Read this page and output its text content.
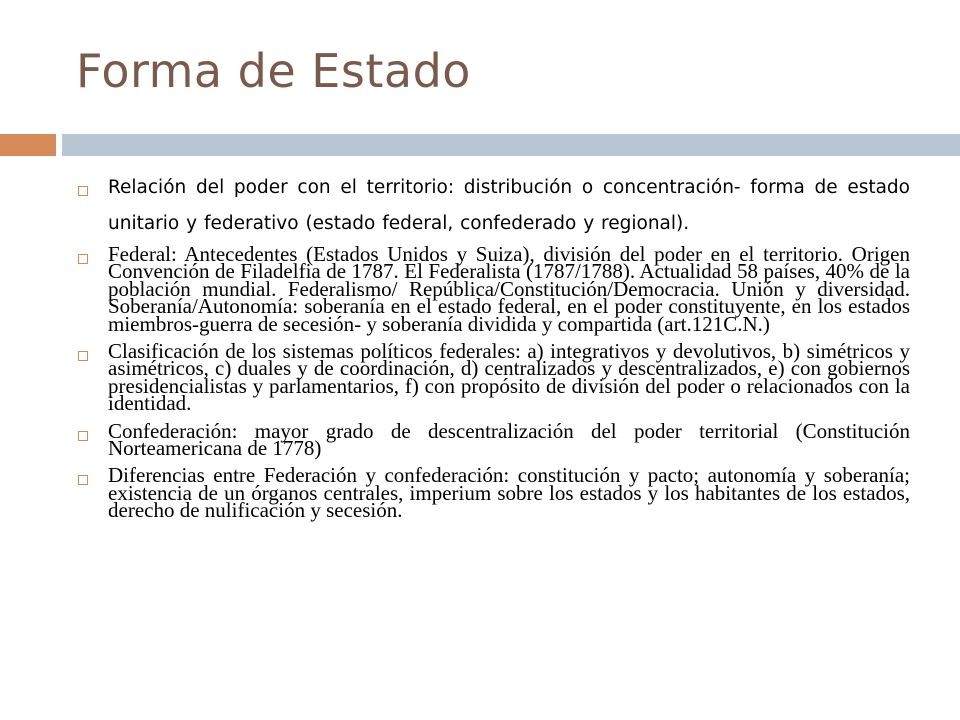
Forma de Estado
Relación del poder con el territorio: distribución o concentración- forma de estado unitario y federativo (estado federal, confederado y regional).
Federal: Antecedentes (Estados Unidos y Suiza), división del poder en el territorio. Origen Convención de Filadelfia de 1787. El Federalista (1787/1788). Actualidad 58 países, 40% de la población mundial. Federalismo/ República/Constitución/Democracia. Unión y diversidad. Soberanía/Autonomía: soberanía en el estado federal, en el poder constituyente, en los estados miembros-guerra de secesión- y soberanía dividida y compartida (art.121C.N.)
Clasificación de los sistemas políticos federales: a) integrativos y devolutivos, b) simétricos y asimétricos, c) duales y de coordinación, d) centralizados y descentralizados, e) con gobiernos presidencialistas y parlamentarios, f) con propósito de división del poder o relacionados con la identidad.
Confederación: mayor grado de descentralización del poder territorial (Constitución Norteamericana de 1778)
Diferencias entre Federación y confederación: constitución y pacto; autonomía y soberanía; existencia de un órganos centrales, imperium sobre los estados y los habitantes de los estados, derecho de nulificación y secesión.
